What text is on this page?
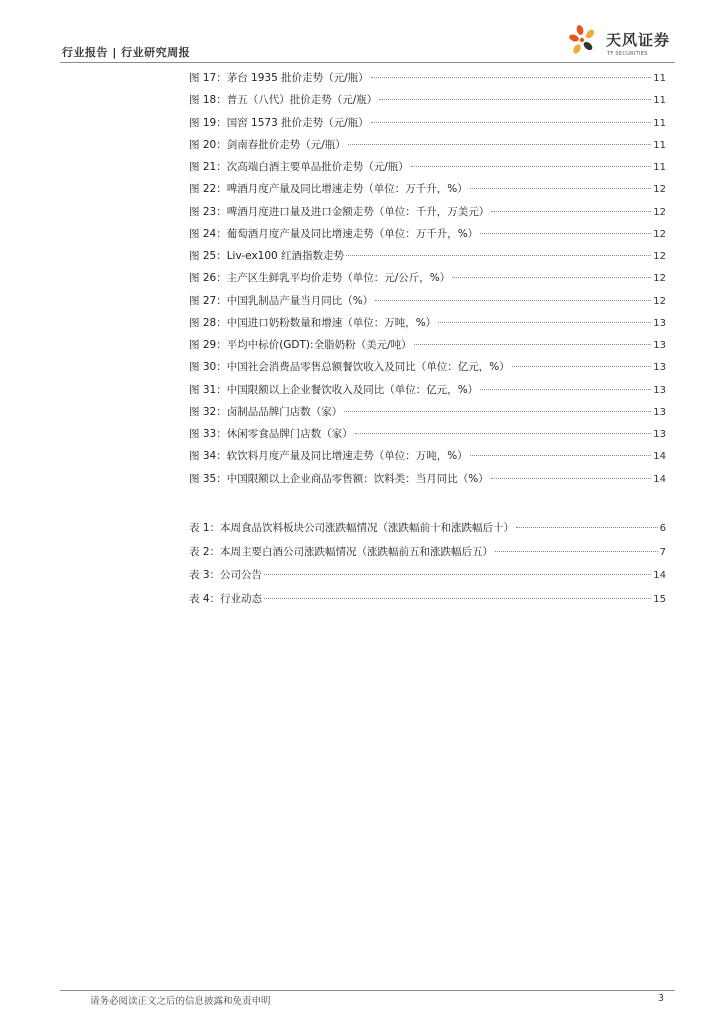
行业报告 | 行业研究周报
天风证券
TF SECURITIES
图 17：茅台 1935 批价走势（元/瓶）	11
图 18：普五（八代）批价走势（元/瓶）	11
图 19：国窖 1573 批价走势（元/瓶）	11
图 20：剑南春批价走势（元/瓶）	11
图 21：次高端白酒主要单品批价走势（元/瓶）	11
图 22：啤酒月度产量及同比增速走势（单位：万千升，%）	12
图 23：啤酒月度进口量及进口金额走势（单位：千升，万美元）	12
图 24：葡萄酒月度产量及同比增速走势（单位：万千升，%）	12
图 25：Liv-ex100 红酒指数走势	12
图 26：主产区生鲜乳平均价走势（单位：元/公斤，%）	12
图 27：中国乳制品产量当月同比（%）	12
图 28：中国进口奶粉数量和增速（单位：万吨，%）	13
图 29：平均中标价(GDT):全脂奶粉（美元/吨）	13
图 30：中国社会消费品零售总额餐饮收入及同比（单位：亿元，%）	13
图 31：中国限额以上企业餐饮收入及同比（单位：亿元，%）	13
图 32：卤制品品牌门店数（家）	13
图 33：休闲零食品牌门店数（家）	13
图 34：软饮料月度产量及同比增速走势（单位：万吨，%）	14
图 35：中国限额以上企业商品零售额：饮料类：当月同比（%）	14
表 1：本周食品饮料板块公司涨跌幅情况（涨跌幅前十和涨跌幅后十）	6
表 2：本周主要白酒公司涨跌幅情况（涨跌幅前五和涨跌幅后五）	7
表 3：公司公告	14
表 4：行业动态	15
请务必阅读正文之后的信息披露和免责申明	3
